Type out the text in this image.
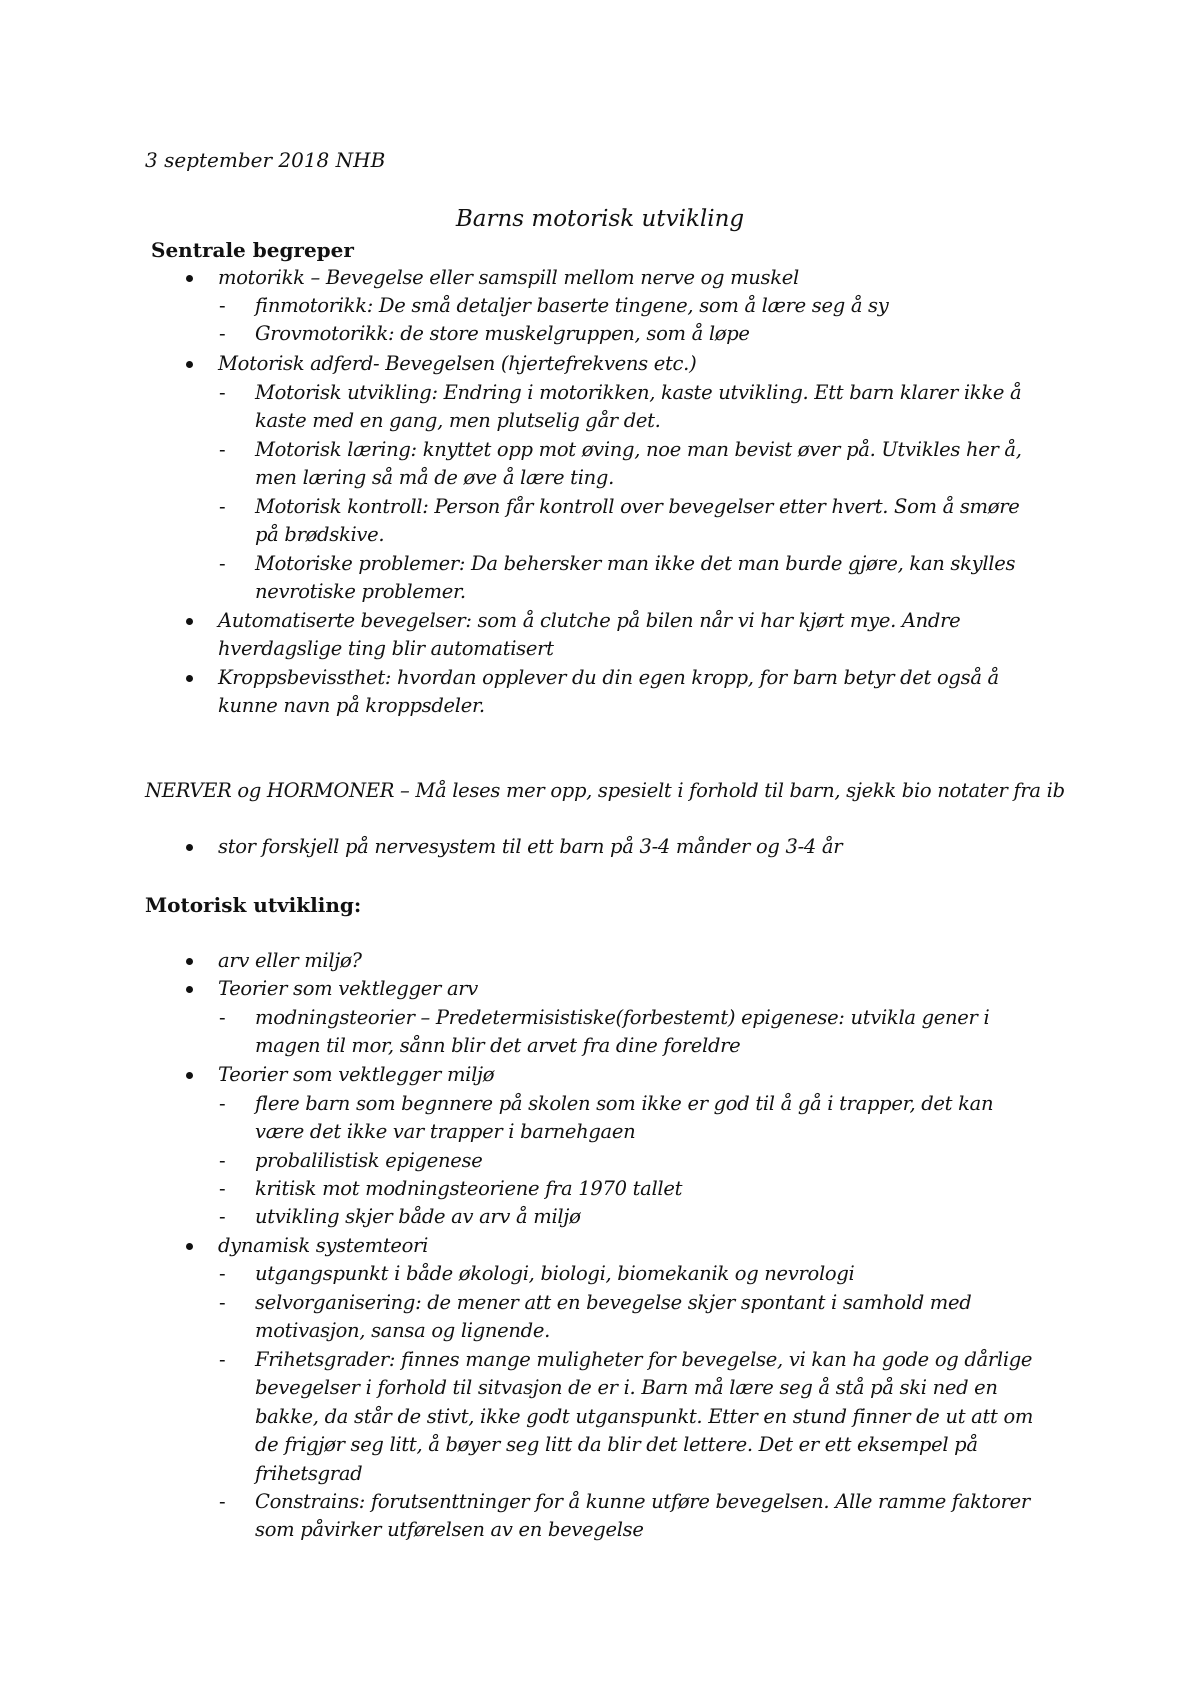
3 september 2018 NHB
Barns motorisk utvikling
Sentrale begreper
motorikk – Bevegelse eller samspill mellom nerve og muskel
- finmotorikk: De små detaljer baserte tingene, som å lære seg å sy
- Grovmotorikk: de store muskelgruppen, som å løpe
Motorisk adferd- Bevegelsen (hjertefrekvens etc.)
- Motorisk utvikling: Endring i motorikken, kaste utvikling. Ett barn klarer ikke å
kaste med en gang, men plutselig går det.
- Motorisk læring: knyttet opp mot øving, noe man bevist øver på. Utvikles her å,
men læring så må de øve å lære ting.
- Motorisk kontroll: Person får kontroll over bevegelser etter hvert. Som å smøre
på brødskive.
- Motoriske problemer: Da behersker man ikke det man burde gjøre, kan skylles
nevrotiske problemer.
Automatiserte bevegelser: som å clutche på bilen når vi har kjørt mye. Andre
hverdagslige ting blir automatisert
Kroppsbevissthet: hvordan opplever du din egen kropp, for barn betyr det også å
kunne navn på kroppsdeler.
NERVER og HORMONER – Må leses mer opp, spesielt i forhold til barn, sjekk bio notater fra ib
stor forskjell på nervesystem til ett barn på 3-4 månder og 3-4 år
Motorisk utvikling:
arv eller miljø?
Teorier som vektlegger arv
- modningsteorier – Predetermisistiske(forbestemt) epigenese: utvikla gener i
magen til mor, sånn blir det arvet fra dine foreldre
Teorier som vektlegger miljø
- flere barn som begnnere på skolen som ikke er god til å gå i trapper, det kan
være det ikke var trapper i barnehgaen
- probalilistisk epigenese
- kritisk mot modningsteoriene fra 1970 tallet
- utvikling skjer både av arv å miljø
dynamisk systemteori
- utgangspunkt i både økologi, biologi, biomekanik og nevrologi
- selvorganisering: de mener att en bevegelse skjer spontant i samhold med
motivasjon, sansa og lignende.
- Frihetsgrader: finnes mange muligheter for bevegelse, vi kan ha gode og dårlige
bevegelser i forhold til sitvasjon de er i. Barn må lære seg å stå på ski ned en
bakke, da står de stivt, ikke godt utganspunkt. Etter en stund finner de ut att om
de frigjør seg litt, å bøyer seg litt da blir det lettere. Det er ett eksempel på
frihetsgrad
- Constrains: forutsenttninger for å kunne utføre bevegelsen. Alle ramme faktorer
som påvirker utførelsen av en bevegelse
